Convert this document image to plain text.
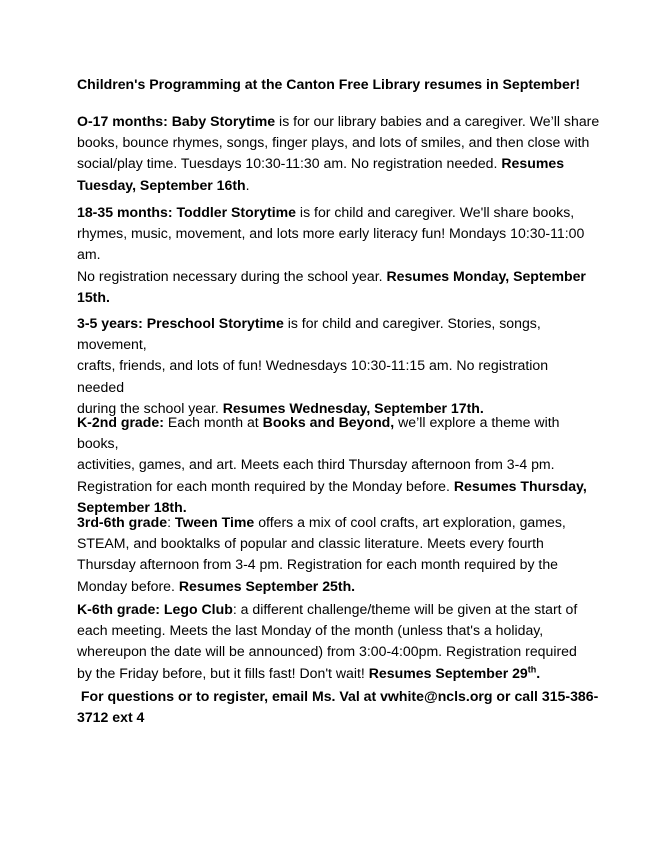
Children's Programming at the Canton Free Library resumes in September!

O-17 months: Baby Storytime is for our library babies and a caregiver. We’ll share
books, bounce rhymes, songs, finger plays, and lots of smiles, and then close with
social/play time. Tuesdays 10:30-11:30 am. No registration needed. Resumes
Tuesday, September 16th.

18-35 months: Toddler Storytime is for child and caregiver. We'll share books,
rhymes, music, movement, and lots more early literacy fun! Mondays 10:30-11:00
am.
No registration necessary during the school year. Resumes Monday, September
15th.

3-5 years: Preschool Storytime is for child and caregiver. Stories, songs,
movement,
crafts, friends, and lots of fun! Wednesdays 10:30-11:15 am. No registration
needed
during the school year. Resumes Wednesday, September 17th.

K-2nd grade: Each month at Books and Beyond, we’ll explore a theme with
books,
activities, games, and art. Meets each third Thursday afternoon from 3-4 pm.
Registration for each month required by the Monday before. Resumes Thursday,
September 18th.

3rd-6th grade: Tween Time offers a mix of cool crafts, art exploration, games,
STEAM, and booktalks of popular and classic literature. Meets every fourth
Thursday afternoon from 3-4 pm. Registration for each month required by the
Monday before. Resumes September 25th.

K-6th grade: Lego Club: a different challenge/theme will be given at the start of
each meeting. Meets the last Monday of the month (unless that's a holiday,
whereupon the date will be announced) from 3:00-4:00pm. Registration required
by the Friday before, but it fills fast! Don't wait! Resumes September 29th.

For questions or to register, email Ms. Val at vwhite@ncls.org or call 315-386-
3712 ext 4
